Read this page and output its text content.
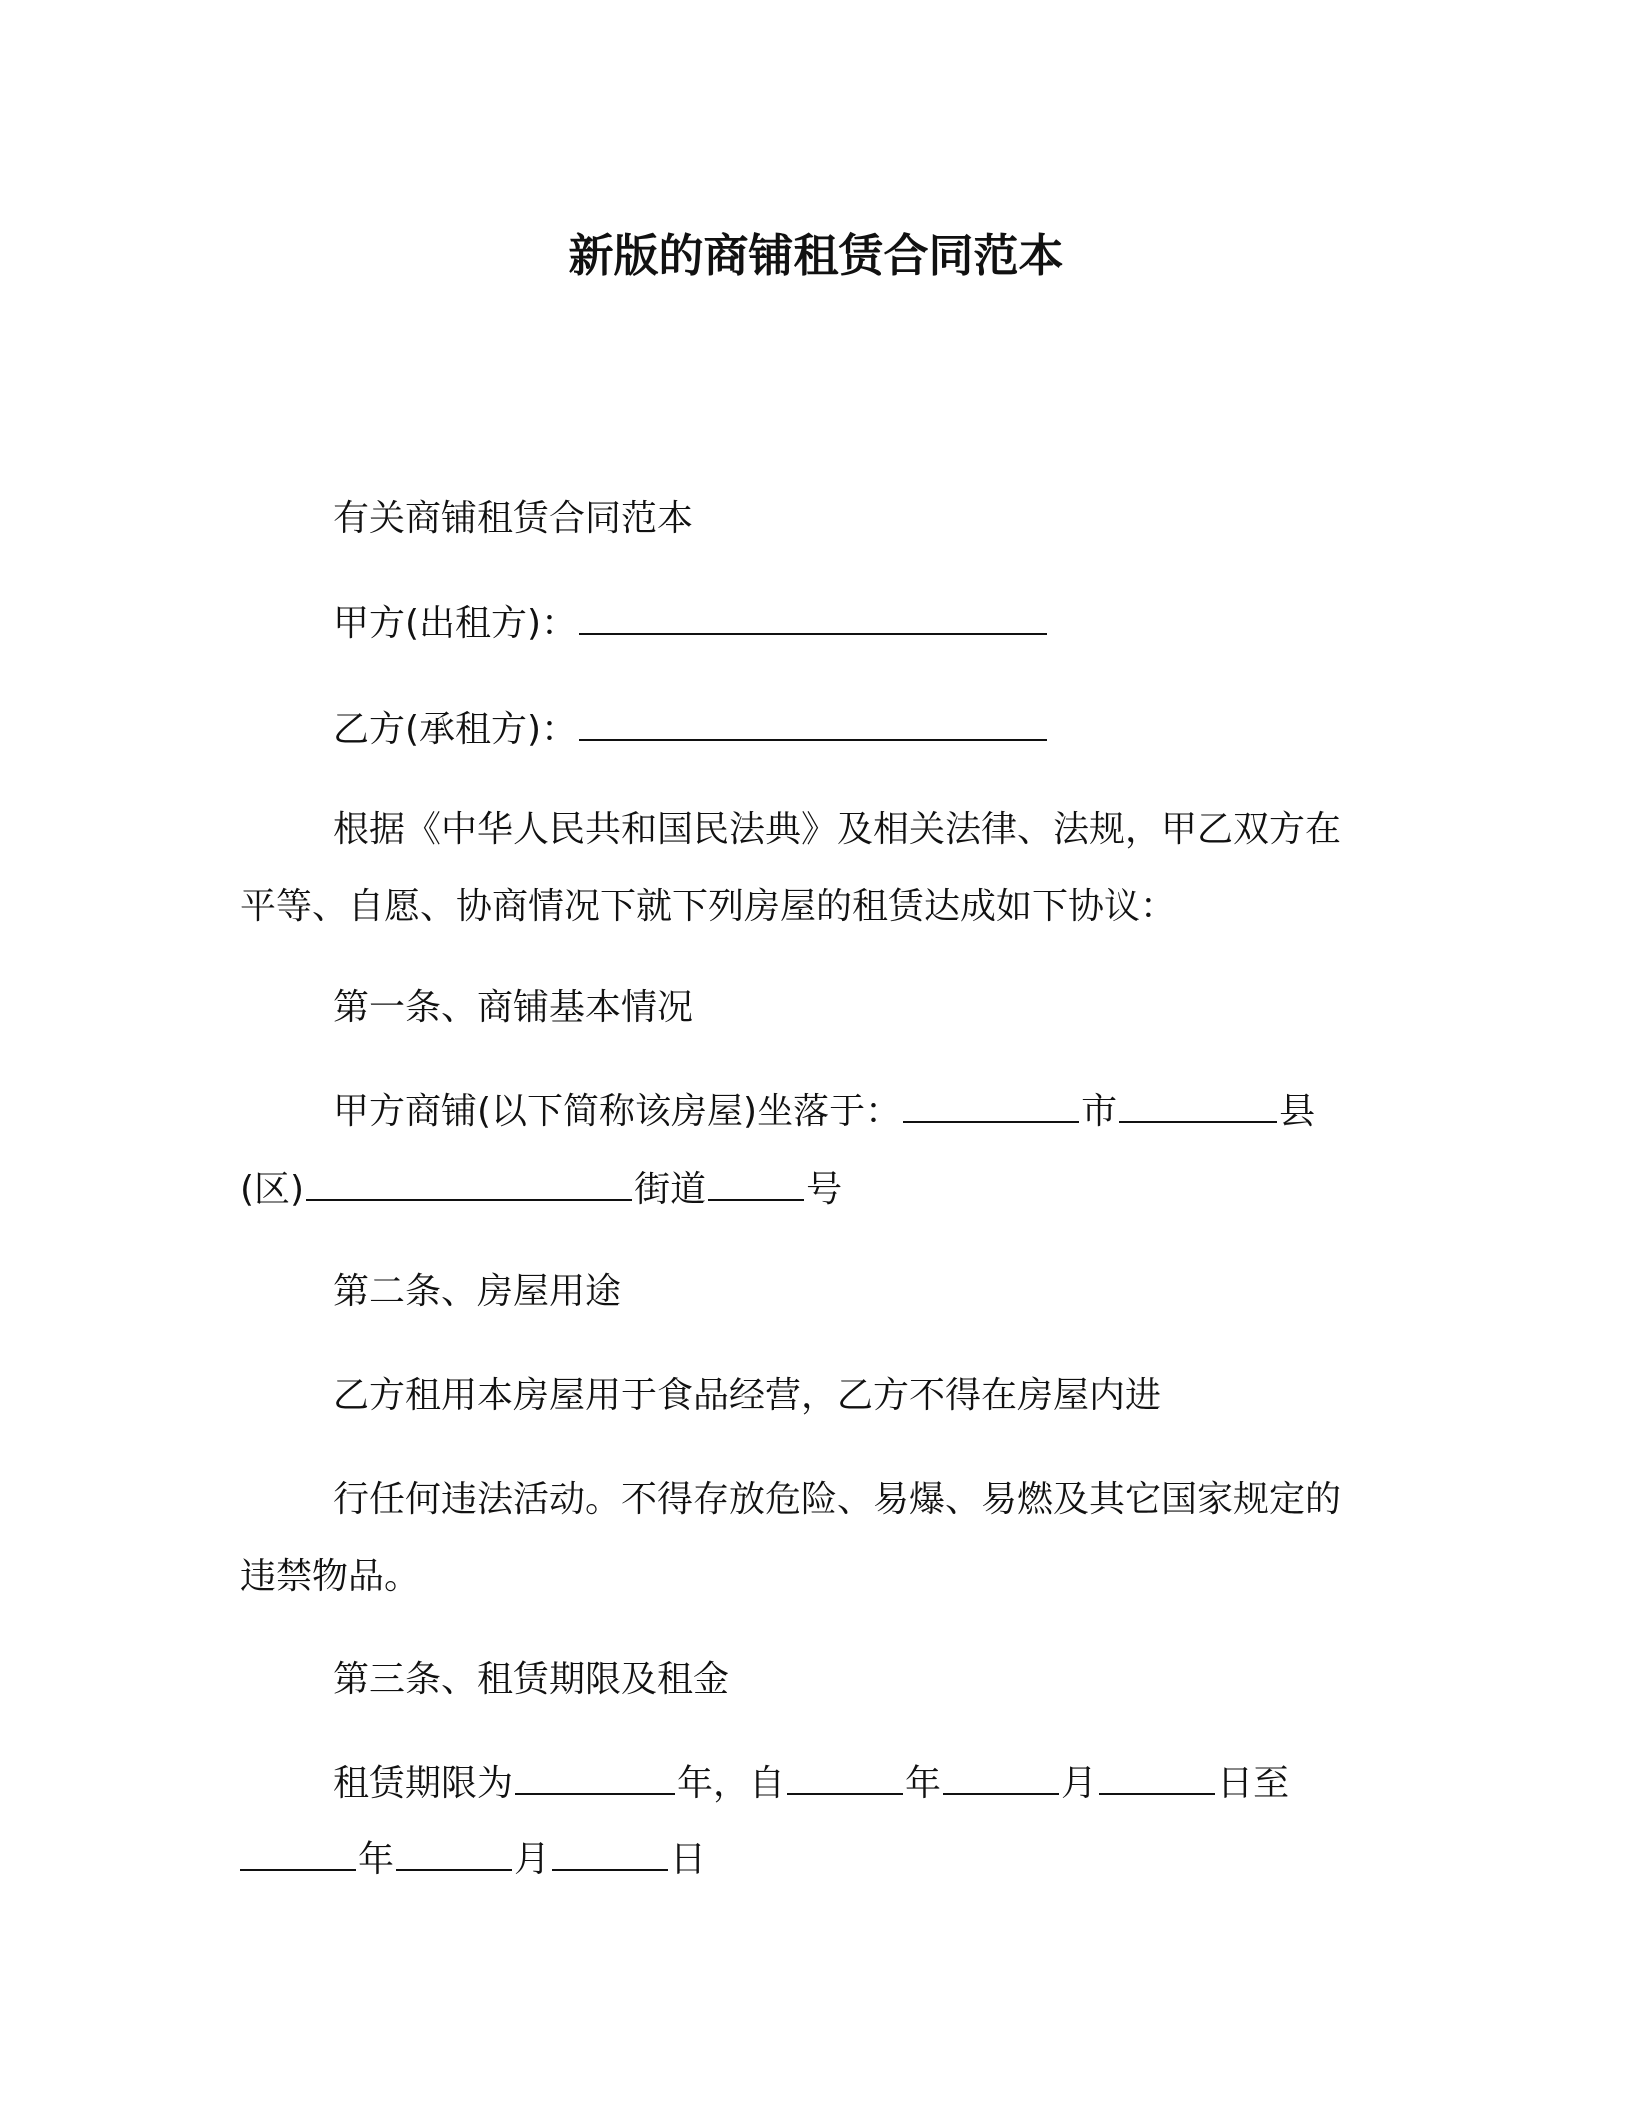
新版的商铺租赁合同范本
有关商铺租赁合同范本
甲方(出租方)：
乙方(承租方)：
根据《中华人民共和国民法典》及相关法律、法规，甲乙双方在
平等、自愿、协商情况下就下列房屋的租赁达成如下协议：
第一条、商铺基本情况
甲方商铺(以下简称该房屋)坐落于：	市	县
(区)	街道	号
第二条、房屋用途
乙方租用本房屋用于食品经营，乙方不得在房屋内进
行任何违法活动。不得存放危险、易爆、易燃及其它国家规定的
违禁物品。
第三条、租赁期限及租金
租赁期限为	年，自	年	月	日至
年	月	日
